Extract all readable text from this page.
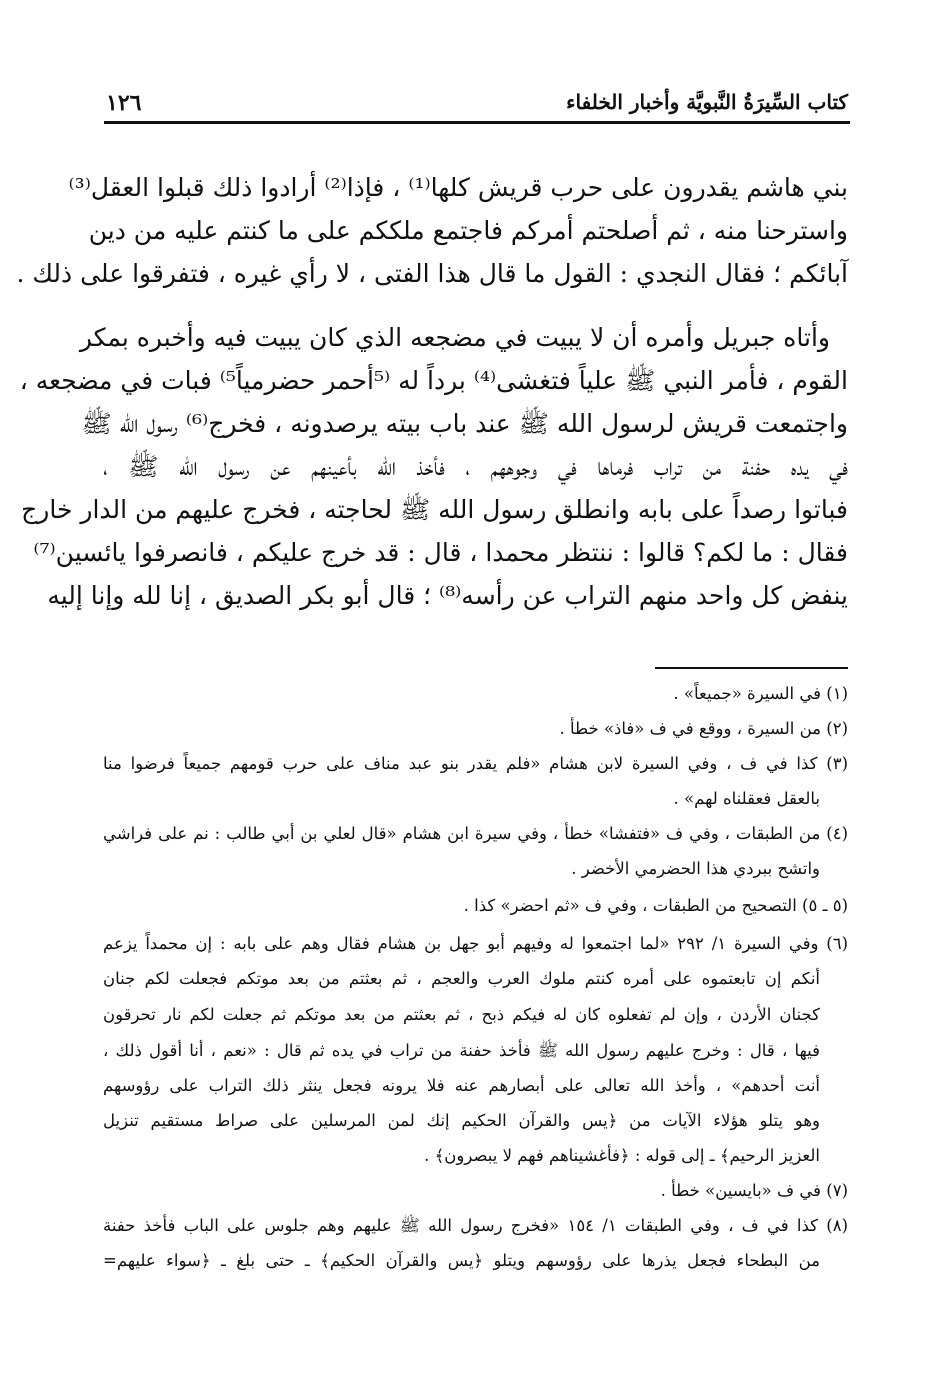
كتاب السِّيرَةُ النَّبويَّة وأخبار الخلفاء
١٢٦
بني هاشم يقدرون على حرب قريش كلها⁽¹⁾ ، فإذا⁽²⁾ أرادوا ذلك قبلوا العقل⁽³⁾
واسترحنا منه ، ثم أصلحتم أمركم فاجتمع ملككم على ما كنتم عليه من دين
آبائكم ؛ فقال النجدي : القول ما قال هذا الفتى ، لا رأي غيره ، فتفرقوا على ذلك .
وأتاه جبريل وأمره أن لا يبيت في مضجعه الذي كان يبيت فيه وأخبره بمكر
القوم ، فأمر النبي ﷺ علياً فتغشى⁽⁴⁾ برداً له ⁽⁵أحمر حضرمياً⁵⁾ فبات في مضجعه ،
واجتمعت قريش لرسول الله ﷺ عند باب بيته يرصدونه ، فخرج⁽⁶⁾ رسول الله ﷺ
في يده حفنة من تراب فرماها في وجوههم ، فأخذ الله بأعينهم عن رسول الله ﷺ ،
فباتوا رصداً على بابه وانطلق رسول الله ﷺ لحاجته ، فخرج عليهم من الدار خارج
فقال : ما لكم؟ قالوا : ننتظر محمدا ، قال : قد خرج عليكم ، فانصرفوا يائسين⁽⁷⁾
ينفض كل واحد منهم التراب عن رأسه⁽⁸⁾ ؛ قال أبو بكر الصديق ، إنا لله وإنا إليه
(١) في السيرة «جميعاً» .
(٢) من السيرة ، ووقع في ف «فاذ» خطأ .
(٣) كذا في ف ، وفي السيرة لابن هشام «فلم يقدر بنو عبد مناف على حرب قومهم جميعاً فرضوا منا
بالعقل فعقلناه لهم» .
(٤) من الطبقات ، وفي ف «فتفشا» خطأ ، وفي سيرة ابن هشام «قال لعلي بن أبي طالب : نم على فراشي
واتشح ببردي هذا الحضرمي الأخضر .
(٥ ـ ٥) التصحيح من الطبقات ، وفي ف «ثم احضر» كذا .
(٦) وفي السيرة ١/ ٢٩٢ «لما اجتمعوا له وفيهم أبو جهل بن هشام فقال وهم على بابه : إن محمداً يزعم
أنكم إن تابعتموه على أمره كنتم ملوك العرب والعجم ، ثم بعثتم من بعد موتكم فجعلت لكم جنان
كجنان الأردن ، وإن لم تفعلوه كان له فيكم ذبح ، ثم بعثتم من بعد موتكم ثم جعلت لكم نار تحرقون
فيها ، قال : وخرج عليهم رسول الله ﷺ فأخذ حفنة من تراب في يده ثم قال : «نعم ، أنا أقول ذلك ،
أنت أحدهم» ، وأخذ الله تعالى على أبصارهم عنه فلا يرونه فجعل ينثر ذلك التراب على رؤوسهم
وهو يتلو هؤلاء الآيات من ﴿يس والقرآن الحكيم إنك لمن المرسلين على صراط مستقيم تنزيل
العزيز الرحيم﴾ ـ إلى قوله : ﴿فأغشيناهم فهم لا يبصرون﴾ .
(٧) في ف «بايسين» خطأ .
(٨) كذا في ف ، وفي الطبقات ١/ ١٥٤ «فخرج رسول الله ﷺ عليهم وهم جلوس على الباب فأخذ حفنة
من البطحاء فجعل يذرها على رؤوسهم ويتلو ﴿يس والقرآن الحكيم﴾ ـ حتى بلغ ـ ﴿سواء عليهم=
